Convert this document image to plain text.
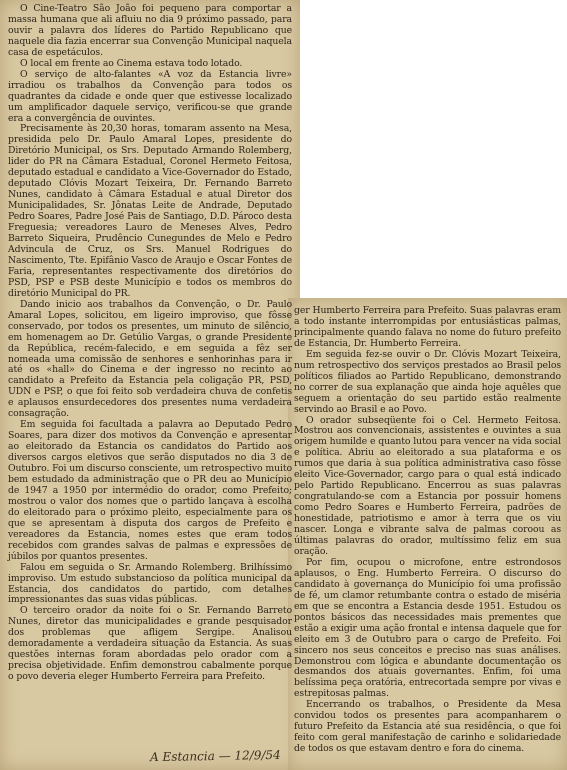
O Cine-Teatro São João foi pequeno para comportar a massa humana que ali afluiu no dia 9 próximo passado, para ouvir a palavra dos líderes do Partido Republicano que naquele dia fazia encerrar sua Convenção Municipal naquela casa de espetáculos.

O local em frente ao Cinema estava todo lotado.

O serviço de alto-falantes «A voz da Estancia livre» irradiou os trabalhos da Convenção para todos os quadrantes da cidade e onde quer que estivesse localizado um amplificador daquele serviço, verificou-se que grande era a convergência de ouvintes.

Precisamente às 20,30 horas, tomaram assento na Mesa, presidida pelo Dr. Paulo Amaral Lopes, presidente do Diretório Municipal, os Srs. Deputado Armando Rolemberg, lider do PR na Câmara Estadual, Coronel Hermeto Feitosa, deputado estadual e candidato a Vice-Governador do Estado, deputado Clóvis Mozart Teixeira, Dr. Fernando Barreto Nunes, candidato à Câmara Estadual e atual Diretor dos Municipalidades, Sr. Jônatas Leite de Andrade, Deputado Pedro Soares, Padre José Pais de Santiago, D.D. Pároco desta Freguesia; vereadores Lauro de Meneses Alves, Pedro Barreto Siqueira, Prudêncio Cunegundes de Melo e Pedro Advincula de Cruz, os Srs. Manuel Rodrigues do Nascimento, Tte. Epifânio Vasco de Araujo e Oscar Fontes de Faria, representantes respectivamente dos diretórios do PSD, PSP e PSB deste Município e todos os membros do diretório Municipal do PR.

Dando inicio aos trabalhos da Convenção, o Dr. Paulo Amaral Lopes, solicitou, em ligeiro improviso, que fôsse conservado, por todos os presentes, um minuto de silêncio, em homenagem ao Dr. Getúlio Vargas, o grande Presidente da República, recém-falecido, e em seguida a fêz ser nomeada uma comissão de senhores e senhorinhas para ir até os «hall» do Cinema e der ingresso no recinto ao candidato a Prefeito da Estancia pela coligação PR, PSD, UDN e PSP, o que foi feito sob verdadeira chuva de confetis e aplausos ensurdecedores dos presentes numa verdadeira consagração.

Em seguida foi facultada a palavra ao Deputado Pedro Soares, para dizer dos motivos da Convenção e apresentar ao eleitorado da Estancia os candidatos do Partido aos diversos cargos eletivos que serão disputados no dia 3 de Outubro. Foi um discurso consciente, um retrospectivo muito bem estudado da administração que o PR deu ao Município de 1947 a 1950 por intermédio do orador, como Prefeito; mostrou o valor dos nomes que o partido lançava à escolha do eleitorado para o próximo pleito, especialmente para os que se apresentam à disputa dos cargos de Prefeito e vereadores da Estancia, nomes estes que eram todos recebidos com grandes salvas de palmas e expressões de júbilos por quantos presentes.

Falou em seguida o Sr. Armando Rolemberg. Brilhíssimo improviso. Um estudo substancioso da política municipal da Estancia, dos candidatos do partido, com detalhes impressionantes das suas vidas públicas.

O terceiro orador da noite foi o Sr. Fernando Barreto Nunes, diretor das municipalidades e grande pesquisador dos problemas que afligem Sergipe. Analisou demoradamente a verdadeira situação da Estancia. As suas questões internas foram abordadas pelo orador com a precisa objetividade. Enfim demonstrou cabalmente porque o povo deveria eleger Humberto Ferreira para Prefeito.

ger Humberto Ferreira para Prefeito. Suas palavras eram a todo instante interrompidas por entusiásticas palmas, principalmente quando falava no nome do futuro prefeito de Estancia, Dr. Humberto Ferreira.

Em seguida fez-se ouvir o Dr. Clóvis Mozart Teixeira, num retrospectivo dos serviços prestados ao Brasil pelos políticos filiados ao Partido Republicano, demonstrando no correr de sua explanação que ainda hoje aquêles que seguem a orientação do seu partido estão realmente servindo ao Brasil e ao Povo.

O orador subseqüente foi o Cel. Hermeto Feitosa. Mostrou aos convencionais, assistentes e ouvintes a sua origem humilde e quanto lutou para vencer na vida social e política. Abriu ao eleitorado a sua plataforma e os rumos que daria à sua política administrativa caso fôsse eleito Vice-Governador, cargo para o qual está indicado pelo Partido Republicano. Encerrou as suas palavras congratulando-se com a Estancia por possuir homens como Pedro Soares e Humberto Ferreira, padrões de honestidade, patriotismo e amor à terra que os viu nascer. Longa e vibrante salva de palmas coroou as últimas palavras do orador, multíssimo feliz em sua oração.

Por fim, ocupou o microfone, entre estrondosos aplausos, o Eng. Humberto Ferreira. O discurso do candidato à governança do Município foi uma profissão de fé, um clamor retumbante contra o estado de miséria em que se encontra a Estancia desde 1951. Estudou os pontos básicos das necessidades mais prementes que estão a exigir uma ação frontal e intensa daquele que for eleito em 3 de Outubro para o cargo de Prefeito. Foi sincero nos seus conceitos e preciso nas suas análises. Demonstrou com lógica e abundante documentação os desmandos dos atuais governantes. Enfim, foi uma belíssima peça oratória, entrecortada sempre por vivas e estrepitosas palmas.

Encerrando os trabalhos, o Presidente da Mesa convidou todos os presentes para acompanharem o futuro Prefeito da Estancia até sua residência, o que foi feito com geral manifestação de carinho e solidariedade de todos os que estavam dentro e fora do cinema.

A Estancia — 12/9/54
